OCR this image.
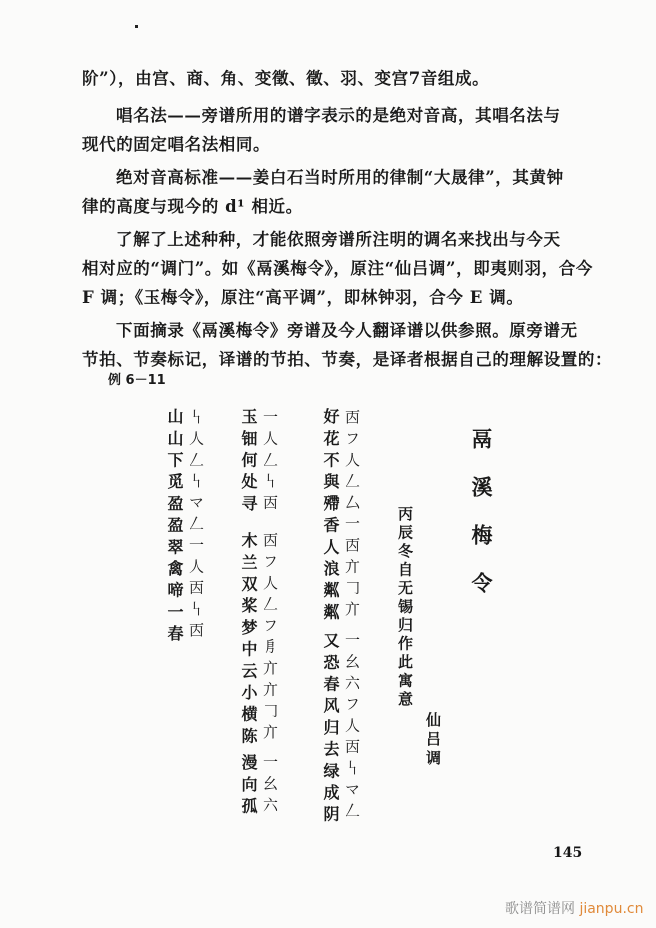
阶”），由宫、商、角、变徵、徵、羽、变宫7音组成。
唱名法——旁谱所用的谱字表示的是绝对音高，其唱名法与
现代的固定唱名法相同。
绝对音高标准——姜白石当时所用的律制“大晟律”，其黄钟
律的高度与现今的 d¹ 相近。
了解了上述种种，才能依照旁谱所注明的调名来找出与今天
相对应的“调门”。如《鬲溪梅令》，原注“仙吕调”，即夷则羽，合今
F 调；《玉梅令》，原注“高平调”，即林钟羽，合今 E 调。
下面摘录《鬲溪梅令》旁谱及今人翻译谱以供参照。原旁谱无
节拍、节奏标记，译谱的节拍、节奏，是译者根据自己的理解设置的：
例 6－11
鬲溪梅令
丙辰冬自无锡归作此寓意
仙吕调
好花不與殢香人浪粼粼 㐁フ人𠃋厶一㐁亣𠃌亣
又恐春风归去绿成阴 一幺六フ人㐁𠃑マ𠃋
玉钿何处寻 一人𠃋𠃑㐁
木兰双桨梦中云小横陈 㐁フ人𠃋フ㐆亣亣𠃌亣
漫向孤 一幺六
山山下觅盈盈翠禽啼一春 𠃑人𠃋𠃑マ𠃋一人㐁𠃑㐁
145
歌谱简谱网 jianpu.cn
